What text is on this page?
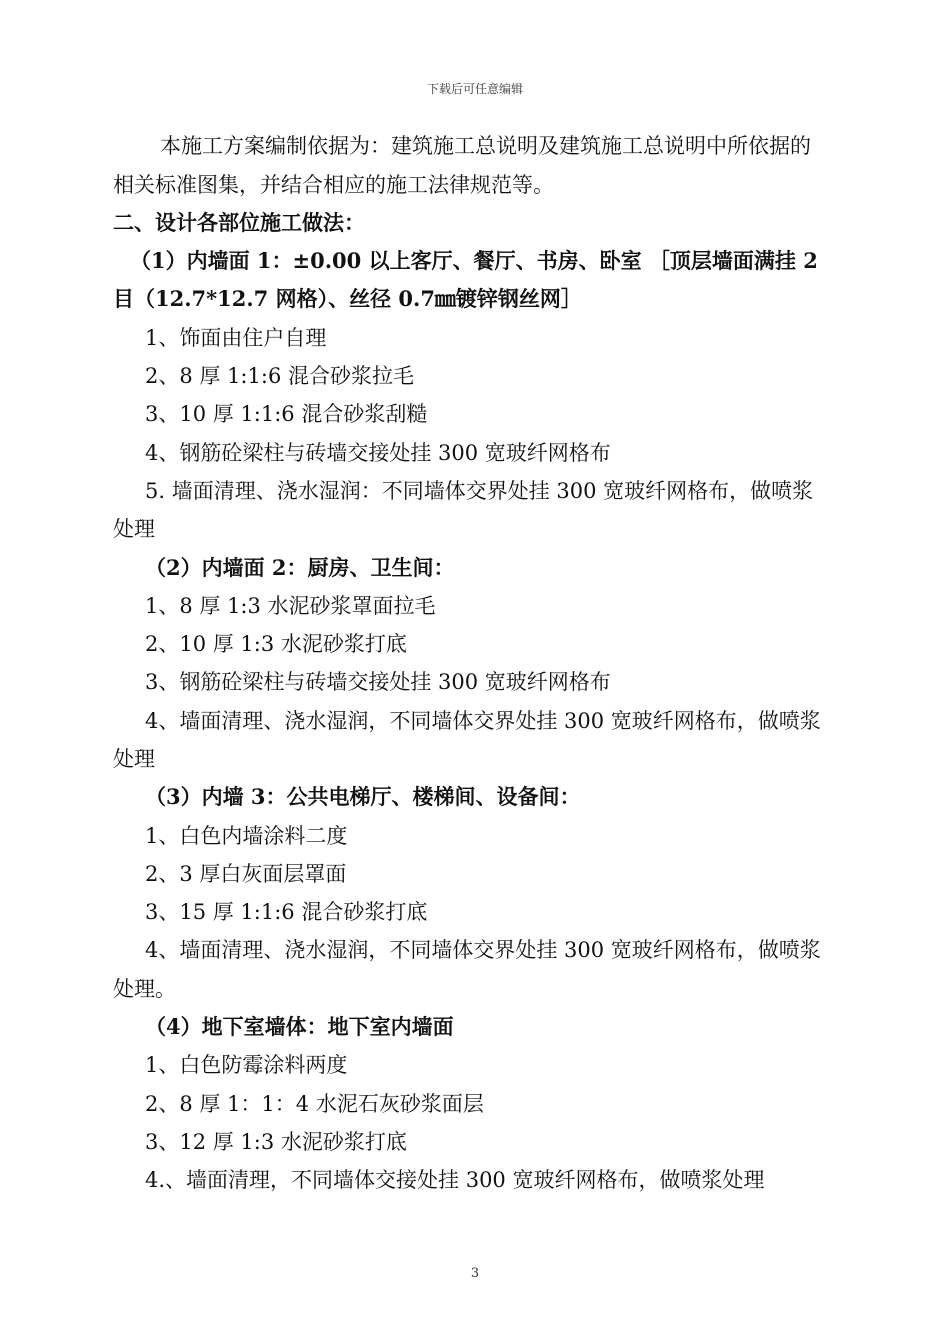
下载后可任意编辑
本施工方案编制依据为：建筑施工总说明及建筑施工总说明中所依据的
相关标准图集，并结合相应的施工法律规范等。
二、设计各部位施工做法：
（1）内墙面 1：±0.00 以上客厅、餐厅、书房、卧室 ［顶层墙面满挂 2
目（12.7*12.7 网格）、丝径 0.7㎜镀锌钢丝网］
1、饰面由住户自理
2、8 厚 1:1:6 混合砂浆拉毛
3、10 厚 1:1:6 混合砂浆刮糙
4、钢筋砼梁柱与砖墙交接处挂 300 宽玻纤网格布
5. 墙面清理、浇水湿润：不同墙体交界处挂 300 宽玻纤网格布，做喷浆
处理
（2）内墙面 2：厨房、卫生间：
1、8 厚 1:3 水泥砂浆罩面拉毛
2、10 厚 1:3 水泥砂浆打底
3、钢筋砼梁柱与砖墙交接处挂 300 宽玻纤网格布
4、墙面清理、浇水湿润，不同墙体交界处挂 300 宽玻纤网格布，做喷浆
处理
（3）内墙 3：公共电梯厅、楼梯间、设备间：
1、白色内墙涂料二度
2、3 厚白灰面层罩面
3、15 厚 1:1:6 混合砂浆打底
4、墙面清理、浇水湿润，不同墙体交界处挂 300 宽玻纤网格布，做喷浆
处理。
（4）地下室墙体：地下室内墙面
1、白色防霉涂料两度
2、8 厚 1：1：4 水泥石灰砂浆面层
3、12 厚 1:3 水泥砂浆打底
4.、墙面清理，不同墙体交接处挂 300 宽玻纤网格布，做喷浆处理
3
